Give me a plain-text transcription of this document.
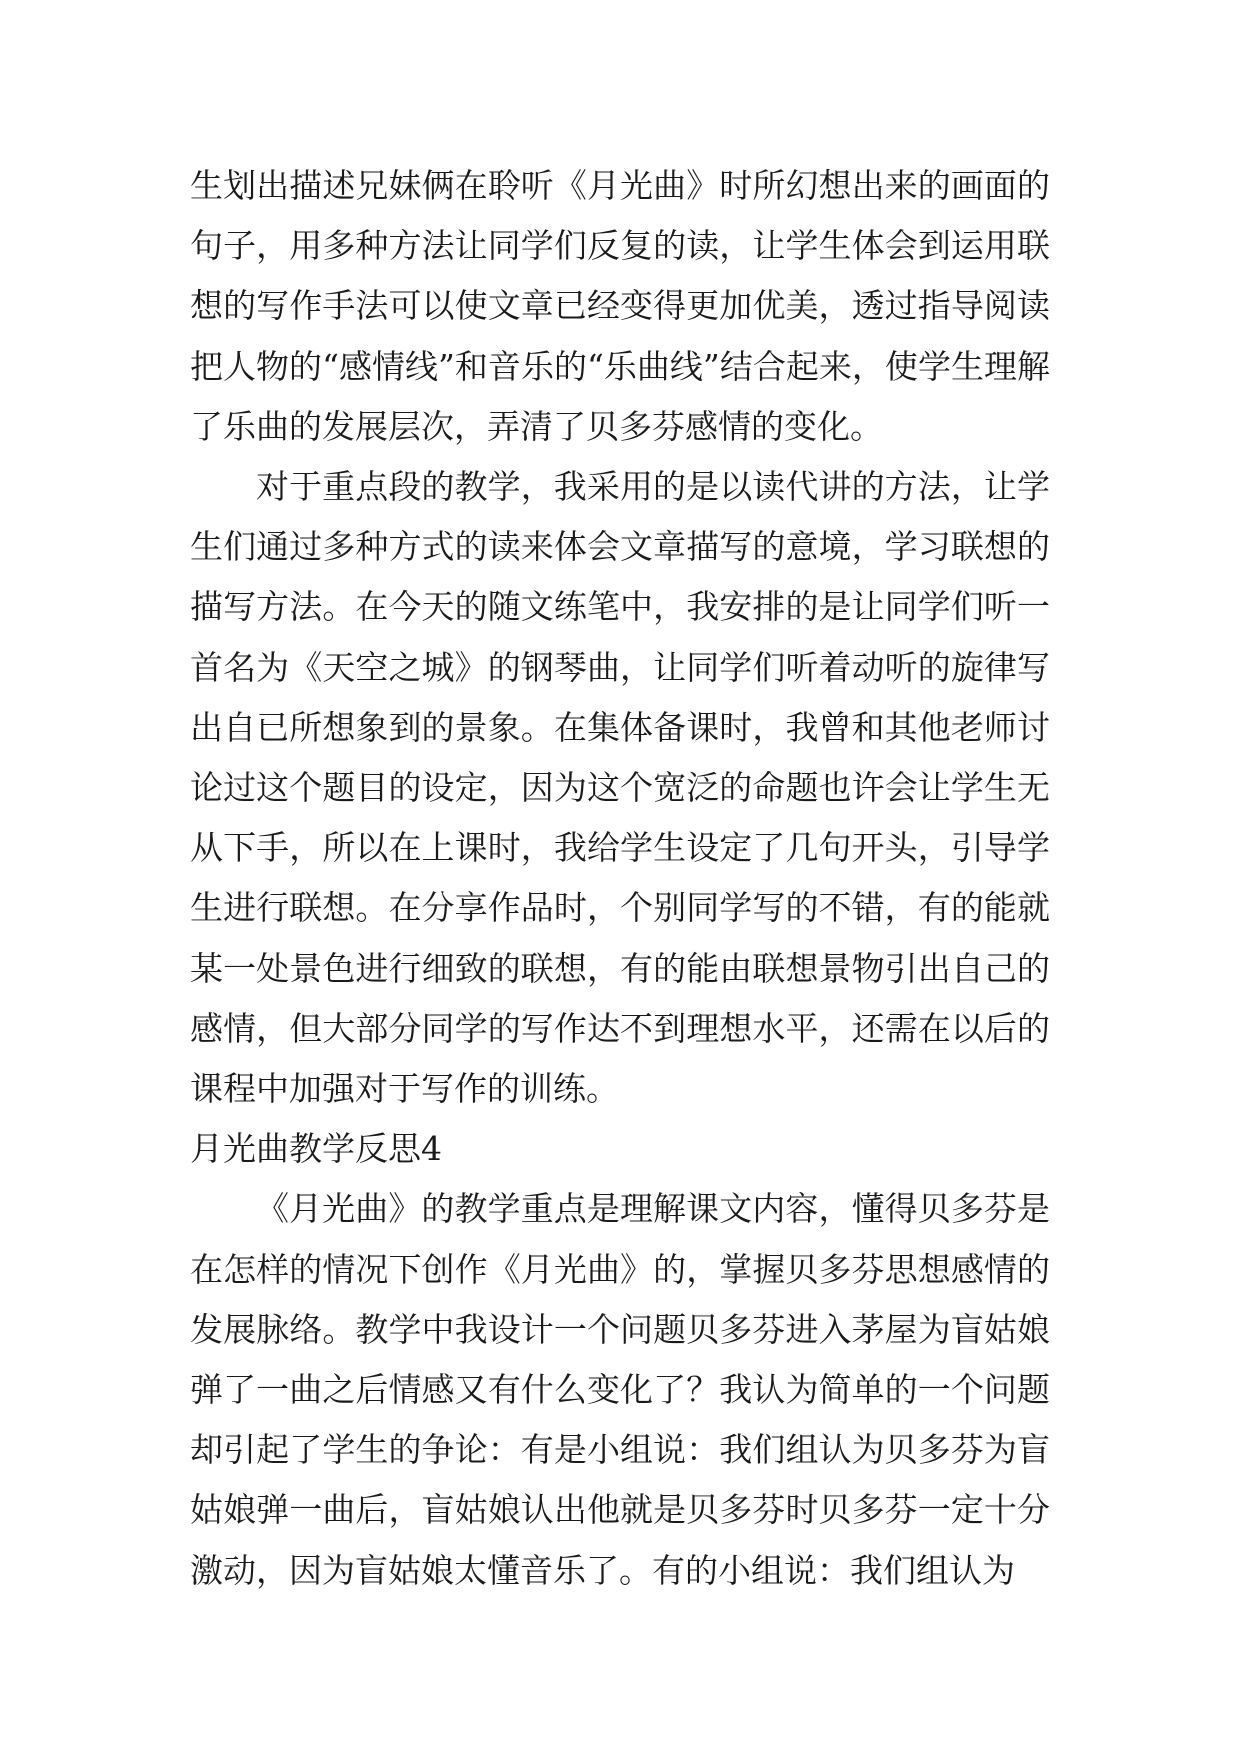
生划出描述兄妹俩在聆听《月光曲》时所幻想出来的画面的句子，用多种方法让同学们反复的读，让学生体会到运用联想的写作手法可以使文章已经变得更加优美，透过指导阅读把人物的“感情线”和音乐的“乐曲线”结合起来，使学生理解了乐曲的发展层次，弄清了贝多芬感情的变化。

对于重点段的教学，我采用的是以读代讲的方法，让学生们通过多种方式的读来体会文章描写的意境，学习联想的描写方法。在今天的随文练笔中，我安排的是让同学们听一首名为《天空之城》的钢琴曲，让同学们听着动听的旋律写出自已所想象到的景象。在集体备课时，我曾和其他老师讨论过这个题目的设定，因为这个宽泛的命题也许会让学生无从下手，所以在上课时，我给学生设定了几句开头，引导学生进行联想。在分享作品时，个别同学写的不错，有的能就某一处景色进行细致的联想，有的能由联想景物引出自己的感情，但大部分同学的写作达不到理想水平，还需在以后的课程中加强对于写作的训练。

月光曲教学反思4

《月光曲》的教学重点是理解课文内容，懂得贝多芬是在怎样的情况下创作《月光曲》的，掌握贝多芬思想感情的发展脉络。教学中我设计一个问题贝多芬进入茅屋为盲姑娘弹了一曲之后情感又有什么变化了？我认为简单的一个问题却引起了学生的争论：有是小组说：我们组认为贝多芬为盲姑娘弹一曲后，盲姑娘认出他就是贝多芬时贝多芬一定十分激动，因为盲姑娘太懂音乐了。有的小组说：我们组认为
